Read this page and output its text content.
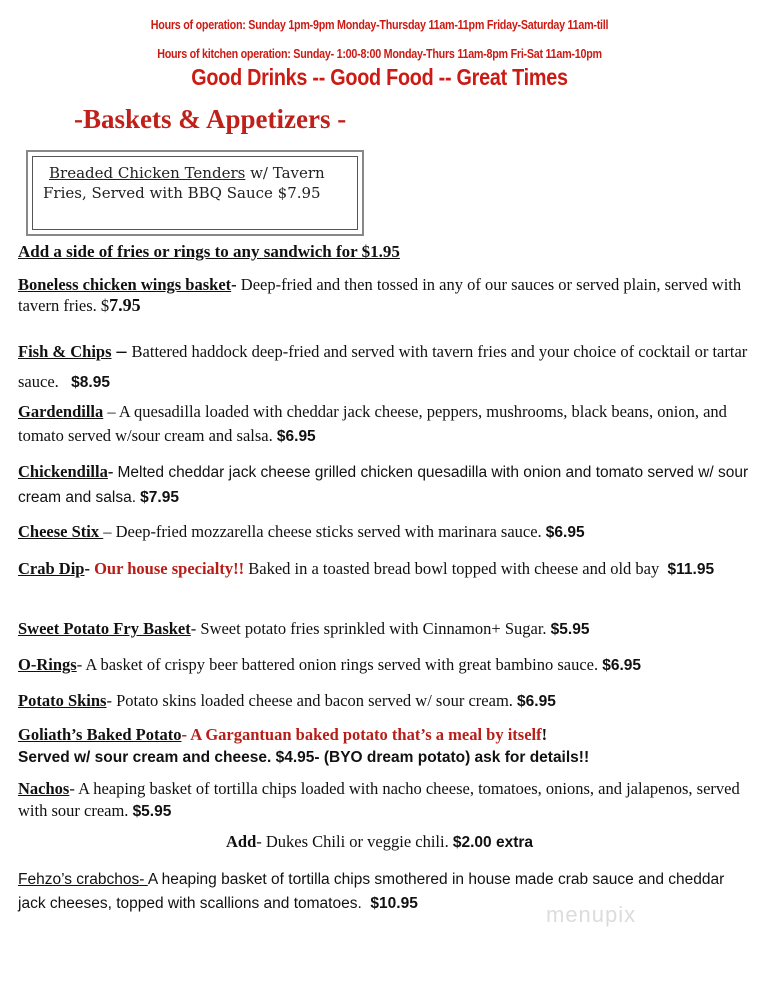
Hours of operation: Sunday 1pm-9pm Monday-Thursday 11am-11pm Friday-Saturday 11am-till
Hours of kitchen operation: Sunday- 1:00-8:00 Monday-Thurs 11am-8pm Fri-Sat 11am-10pm
Good Drinks -- Good Food -- Great Times
-Baskets & Appetizers -
Breaded Chicken Tenders w/ Tavern
Fries, Served with BBQ Sauce $7.95
Add a side of fries or rings to any sandwich for $1.95
Boneless chicken wings basket- Deep-fried and then tossed in any of our sauces or served plain, served with tavern fries. $7.95
Fish & Chips – Battered haddock deep-fried and served with tavern fries and your choice of cocktail or tartar sauce. $8.95
Gardendilla – A quesadilla loaded with cheddar jack cheese, peppers, mushrooms, black beans, onion, and tomato served w/sour cream and salsa. $6.95
Chickendilla- Melted cheddar jack cheese grilled chicken quesadilla with onion and tomato served w/ sour cream and salsa. $7.95
Cheese Stix – Deep-fried mozzarella cheese sticks served with marinara sauce. $6.95
Crab Dip- Our house specialty!! Baked in a toasted bread bowl topped with cheese and old bay $11.95
Sweet Potato Fry Basket- Sweet potato fries sprinkled with Cinnamon+ Sugar. $5.95
O-Rings- A basket of crispy beer battered onion rings served with great bambino sauce. $6.95
Potato Skins- Potato skins loaded cheese and bacon served w/ sour cream. $6.95
Goliath’s Baked Potato- A Gargantuan baked potato that’s a meal by itself!
Served w/ sour cream and cheese. $4.95- (BYO dream potato) ask for details!!
Nachos- A heaping basket of tortilla chips loaded with nacho cheese, tomatoes, onions, and jalapenos, served with sour cream. $5.95
Add- Dukes Chili or veggie chili. $2.00 extra
Fehzo’s crabchos- A heaping basket of tortilla chips smothered in house made crab sauce and cheddar jack cheeses, topped with scallions and tomatoes. $10.95	menupix
